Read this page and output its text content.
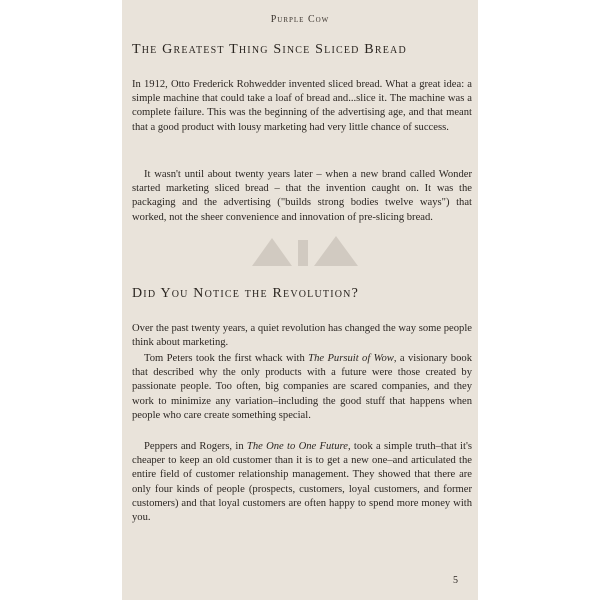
Purple Cow
The Greatest Thing Since Sliced Bread

In 1912, Otto Frederick Rohwedder invented sliced bread. What a great idea: a simple machine that could take a loaf of bread and...slice it. The machine was a complete failure. This was the beginning of the advertising age, and that meant that a good product with lousy marketing had very little chance of success.

It wasn't until about twenty years later – when a new brand called Wonder started marketing sliced bread – that the invention caught on. It was the packaging and the advertising ("builds strong bodies twelve ways") that worked, not the sheer convenience and innovation of pre-slicing bread.

Did You Notice the Revolution?

Over the past twenty years, a quiet revolution has changed the way some people think about marketing.

Tom Peters took the first whack with The Pursuit of Wow, a visionary book that described why the only products with a future were those created by passionate people. Too often, big companies are scared companies, and they work to minimize any variation–including the good stuff that happens when people who care create something special.

Peppers and Rogers, in The One to One Future, took a simple truth–that it's cheaper to keep an old customer than it is to get a new one–and articulated the entire field of customer relationship management. They showed that there are only four kinds of people (prospects, customers, loyal customers, and former customers) and that loyal customers are often happy to spend more money with you.

5
